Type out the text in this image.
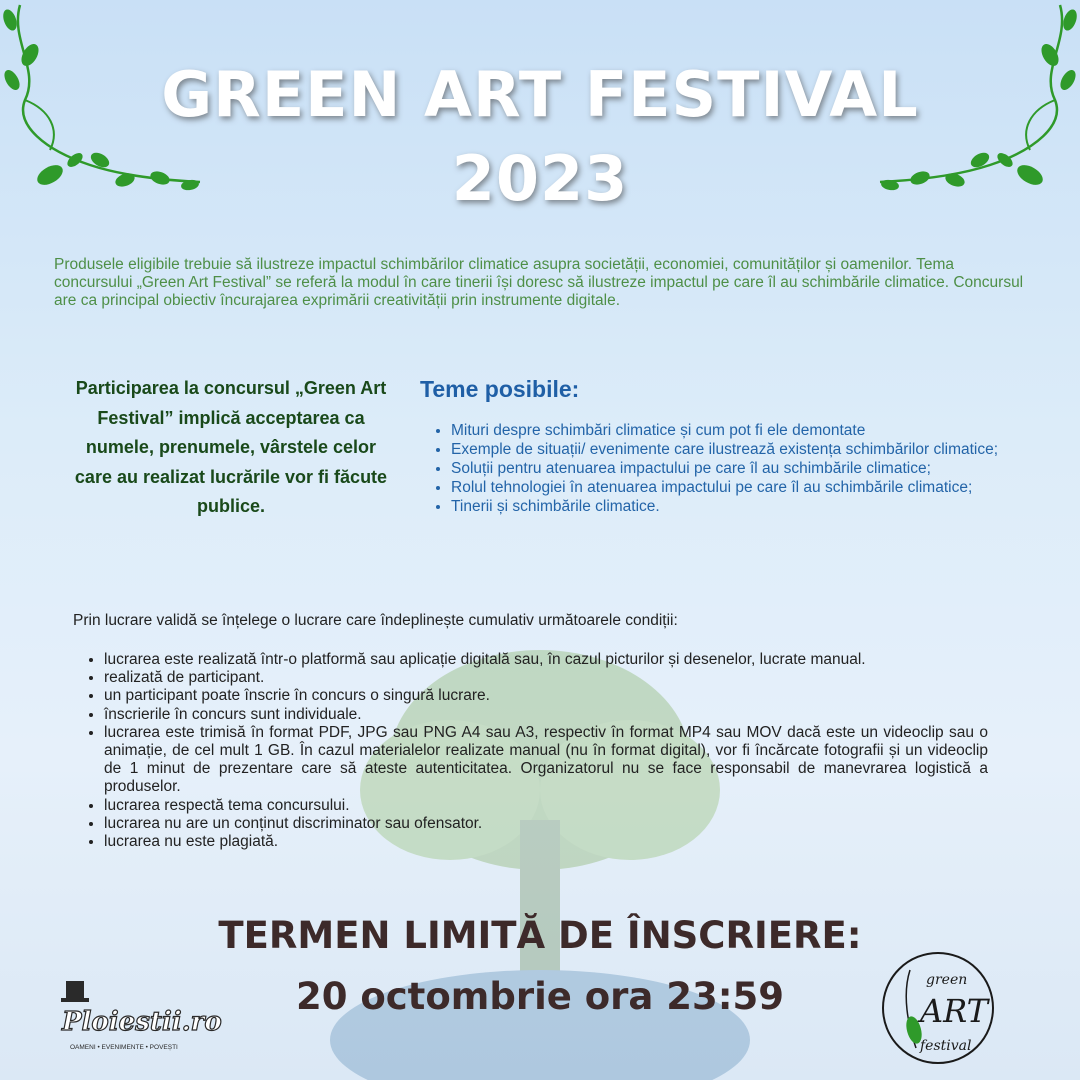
GREEN ART FESTIVAL
2023

Produsele eligibile trebuie să ilustreze impactul schimbărilor climatice asupra societății, economiei, comunităților și oamenilor. Tema concursului „Green Art Festival” se referă la modul în care tinerii își doresc să ilustreze impactul pe care îl au schimbările climatice. Concursul are ca principal obiectiv încurajarea exprimării creativității prin instrumente digitale.

Participarea la concursul „Green Art Festival” implică acceptarea ca numele, prenumele, vârstele celor care au realizat lucrările vor fi făcute publice.

Teme posibile:
• Mituri despre schimbări climatice și cum pot fi ele demontate
• Exemple de situații/ evenimente care ilustrează existența schimbărilor climatice;
• Soluții pentru atenuarea impactului pe care îl au schimbările climatice;
• Rolul tehnologiei în atenuarea impactului pe care îl au schimbările climatice;
• Tinerii și schimbările climatice.

Prin lucrare validă se înțelege o lucrare care îndeplinește cumulativ următoarele condiții:

• lucrarea este realizată într-o platformă sau aplicație digitală sau, în cazul picturilor și desenelor, lucrate manual.
• realizată de participant.
• un participant poate înscrie în concurs o singură lucrare.
• înscrierile în concurs sunt individuale.
• lucrarea este trimisă în format PDF, JPG sau PNG A4 sau A3, respectiv în format MP4 sau MOV dacă este un videoclip sau o animație, de cel mult 1 GB. În cazul materialelor realizate manual (nu în format digital), vor fi încărcate fotografii și un videoclip de 1 minut de prezentare care să ateste autenticitatea. Organizatorul nu se face responsabil de manevrarea logistică a produselor.
• lucrarea respectă tema concursului.
• lucrarea nu are un conținut discriminator sau ofensator.
• lucrarea nu este plagiată.
TERMEN LIMITĂ DE ÎNSCRIERE:
20 octombrie ora 23:59
Ploiestii.ro
OAMENI • EVENIMENTE • POVEȘTI
green
ART
festival
